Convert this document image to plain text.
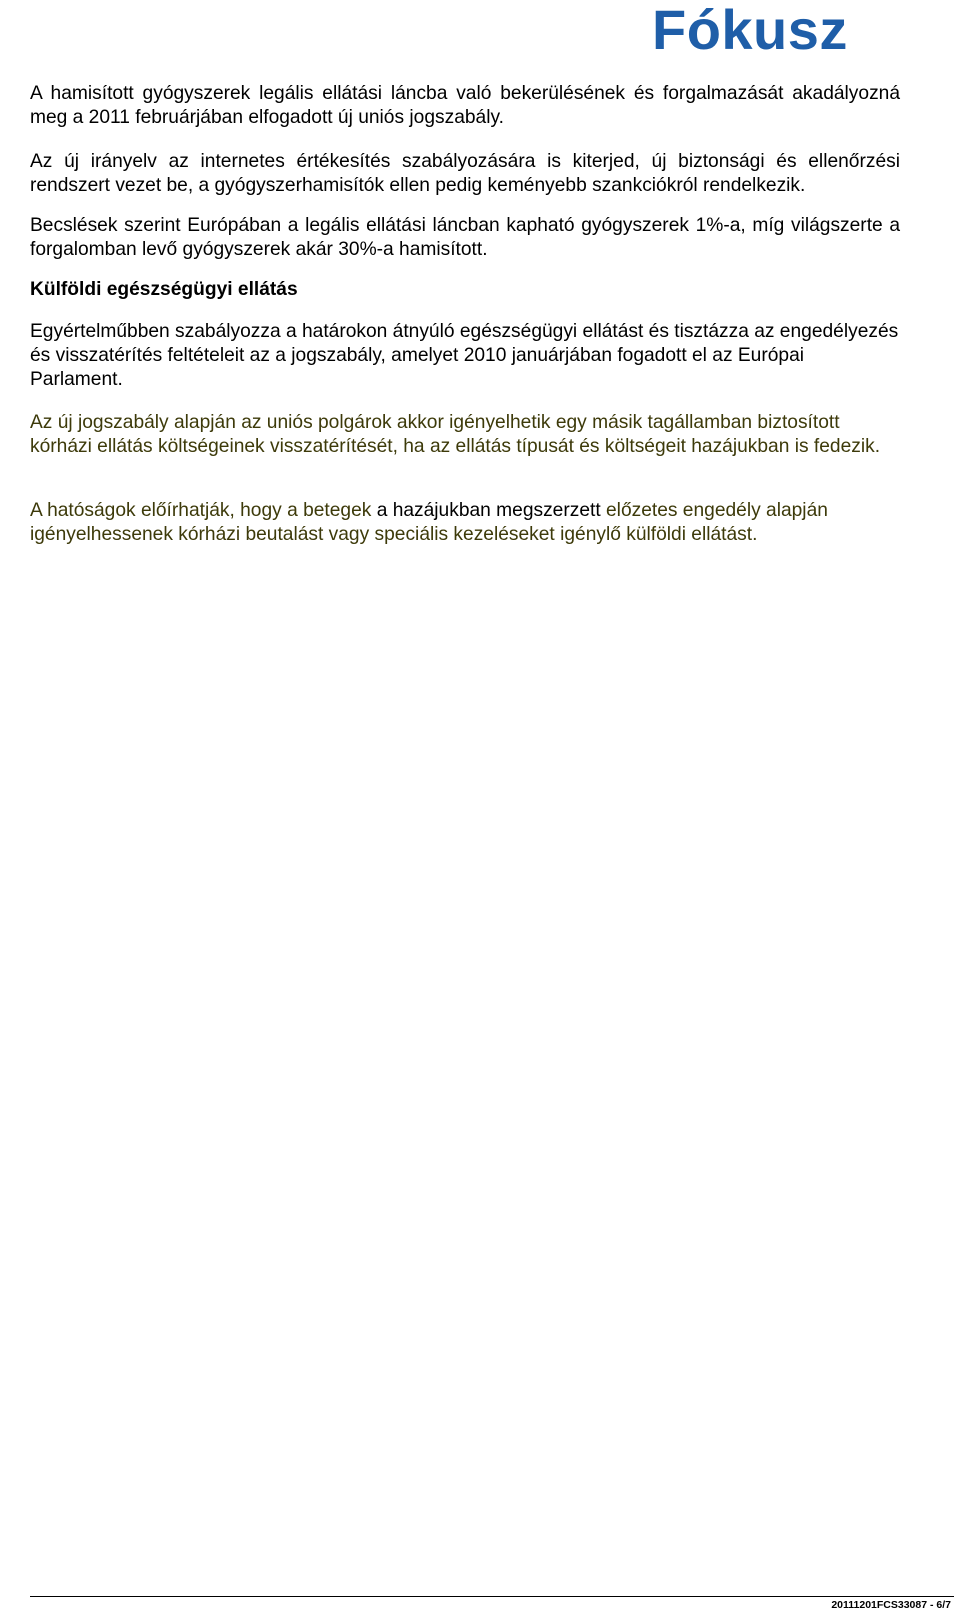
Fókusz

A hamisított gyógyszerek legális ellátási láncba való bekerülésének és forgalmazását akadályozná meg a 2011 februárjában elfogadott új uniós jogszabály.

Az új irányelv az internetes értékesítés szabályozására is kiterjed, új biztonsági és ellenőrzési rendszert vezet be, a gyógyszerhamisítók ellen pedig keményebb szankciókról rendelkezik.

Becslések szerint Európában a legális ellátási láncban kapható gyógyszerek 1%-a, míg világszerte a forgalomban levő gyógyszerek akár 30%-a hamisított.

Külföldi egészségügyi ellátás

Egyértelműbben szabályozza a határokon átnyúló egészségügyi ellátást és tisztázza az engedélyezés és visszatérítés feltételeit az a jogszabály, amelyet 2010 januárjában fogadott el az Európai Parlament.

Az új jogszabály alapján az uniós polgárok akkor igényelhetik egy másik tagállamban biztosított kórházi ellátás költségeinek visszatérítését, ha az ellátás típusát és költségeit hazájukban is fedezik.

A hatóságok előírhatják, hogy a betegek a hazájukban megszerzett előzetes engedély alapján igényelhessenek kórházi beutalást vagy speciális kezeléseket igénylő külföldi ellátást.

20111201FCS33087 - 6/7
